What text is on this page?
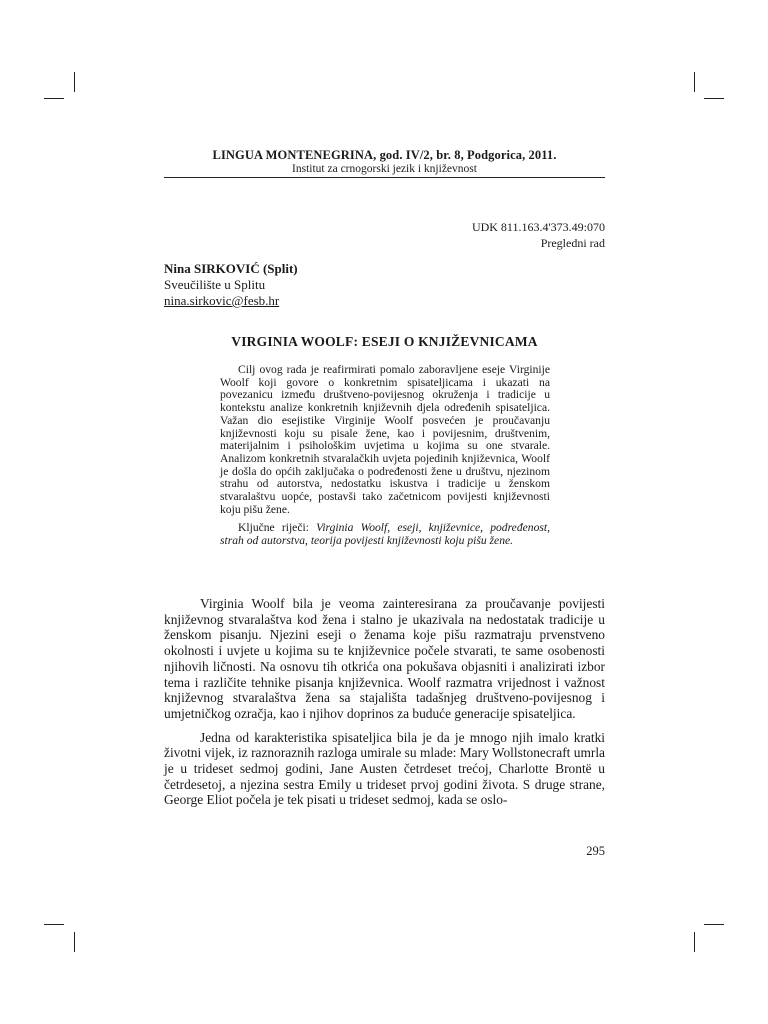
LINGUA MONTENEGRINA, god. IV/2, br. 8, Podgorica, 2011.
Institut za crnogorski jezik i književnost
UDK 811.163.4'373.49:070
Pregledni rad
Nina SIRKOVIĆ (Split)
Sveučilište u Splitu
nina.sirkovic@fesb.hr
VIRGINIA WOOLF: ESEJI O KNJIŽEVNICAMA

Cilj ovog rada je reafirmirati pomalo zaboravljene eseje Virginije Woolf koji govore o konkretnim spisateljicama i ukazati na povezanicu između društveno-povijesnog okruženja i tradicije u kontekstu analize konkretnih književnih djela određenih spisateljica. Važan dio esejistike Virginije Woolf posvećen je proučavanju književnosti koju su pisale žene, kao i povijesnim, društvenim, materijalnim i psihološkim uvjetima u kojima su one stvarale. Analizom konkretnih stvaralačkih uvjeta pojedinih književnica, Woolf je došla do općih zaključaka o podređenosti žene u društvu, njezinom strahu od autorstva, nedostatku iskustva i tradicije u ženskom stvaralaštvu uopće, postavši tako začetnicom povijesti književnosti koju pišu žene.

Ključne riječi: Virginia Woolf, eseji, književnice, podređenost, strah od autorstva, teorija povijesti književnosti koju pišu žene.

Virginia Woolf bila je veoma zainteresirana za proučavanje povijesti književnog stvaralaštva kod žena i stalno je ukazivala na nedostatak tradicije u ženskom pisanju. Njezini eseji o ženama koje pišu razmatraju prvenstveno okolnosti i uvjete u kojima su te književnice počele stvarati, te same osobenosti njihovih ličnosti. Na osnovu tih otkrića ona pokušava objasniti i analizirati izbor tema i različite tehnike pisanja književnica. Woolf razmatra vrijednost i važnost književnog stvaralaštva žena sa stajališta tadašnjeg društveno-povijesnog i umjetničkog ozračja, kao i njihov doprinos za buduće generacije spisateljica.

Jedna od karakteristika spisateljica bila je da je mnogo njih imalo kratki životni vijek, iz raznoraznih razloga umirale su mlade: Mary Wollstonecraft umrla je u trideset sedmoj godini, Jane Austen četrdeset trećoj, Charlotte Brontë u četrdesetoj, a njezina sestra Emily u trideset prvoj godini života. S druge strane, George Eliot počela je tek pisati u trideset sedmoj, kada se oslo-

295
